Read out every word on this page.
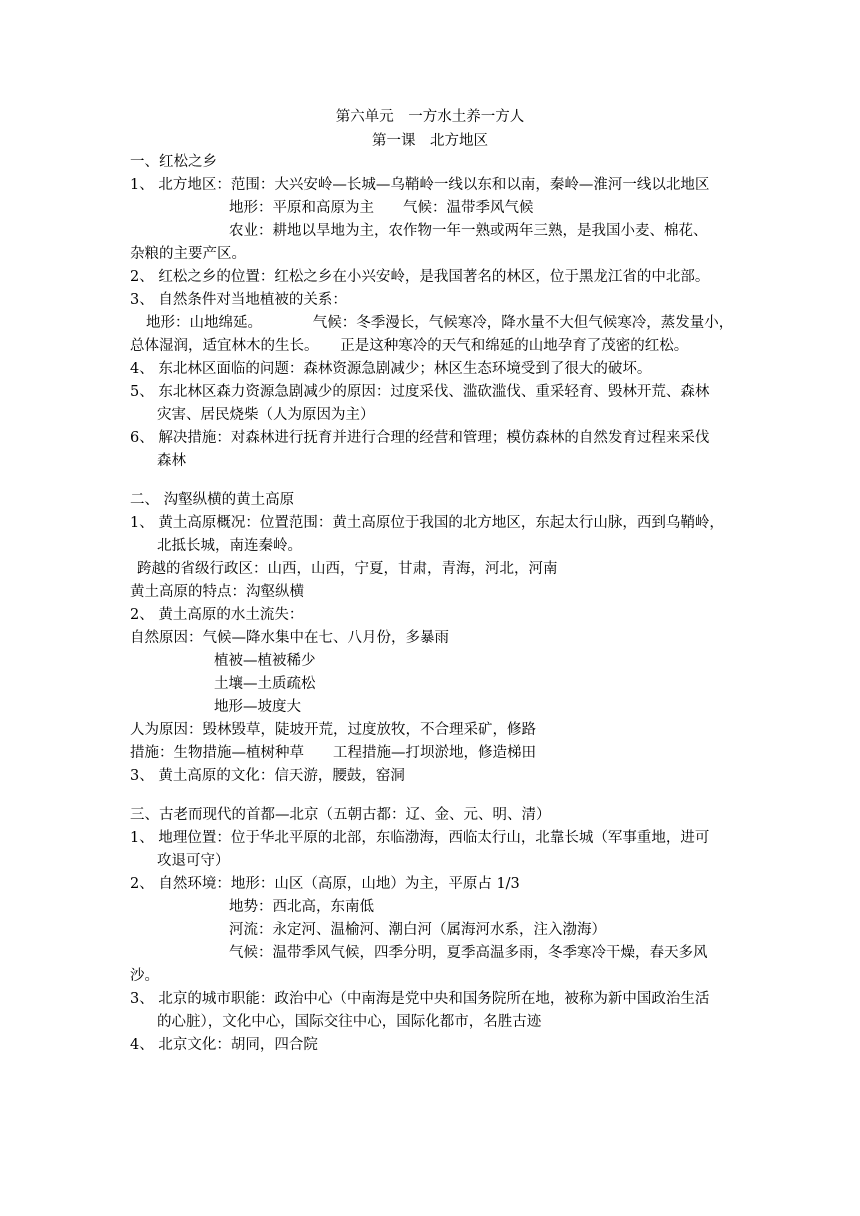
第六单元　一方水土养一方人
第一课　北方地区
一、红松之乡
1、 北方地区：范围：大兴安岭—长城—乌鞘岭一线以东和以南，秦岭—淮河一线以北地区
地形：平原和高原为主　　气候：温带季风气候
农业：耕地以旱地为主，农作物一年一熟或两年三熟，是我国小麦、棉花、
杂粮的主要产区。
2、 红松之乡的位置：红松之乡在小兴安岭，是我国著名的林区，位于黑龙江省的中北部。
3、 自然条件对当地植被的关系：
地形：山地绵延。　　　　气候：冬季漫长，气候寒冷，降水量不大但气候寒冷，蒸发量小，
总体湿润，适宜林木的生长。　　正是这种寒冷的天气和绵延的山地孕育了茂密的红松。
4、 东北林区面临的问题：森林资源急剧减少；林区生态环境受到了很大的破坏。
5、 东北林区森力资源急剧减少的原因：过度采伐、滥砍滥伐、重采轻育、毁林开荒、森林
灾害、居民烧柴（人为原因为主）
6、 解决措施：对森林进行抚育并进行合理的经营和管理；模仿森林的自然发育过程来采伐
森林
二、 沟壑纵横的黄土高原
1、 黄土高原概况：位置范围：黄土高原位于我国的北方地区，东起太行山脉，西到乌鞘岭，
北抵长城，南连秦岭。
跨越的省级行政区：山西，山西，宁夏，甘肃，青海，河北，河南
黄土高原的特点：沟壑纵横
2、 黄土高原的水土流失：
自然原因：气候—降水集中在七、八月份，多暴雨
植被—植被稀少
土壤—土质疏松
地形—坡度大
人为原因：毁林毁草，陡坡开荒，过度放牧，不合理采矿，修路
措施：生物措施—植树种草　　工程措施—打坝淤地，修造梯田
3、 黄土高原的文化：信天游，腰鼓，窑洞
三、古老而现代的首都—北京（五朝古都：辽、金、元、明、清）
1、 地理位置：位于华北平原的北部，东临渤海，西临太行山，北靠长城（军事重地，进可
攻退可守）
2、 自然环境：地形：山区（高原，山地）为主，平原占 1/3
地势：西北高，东南低
河流：永定河、温榆河、潮白河（属海河水系，注入渤海）
气候：温带季风气候，四季分明，夏季高温多雨，冬季寒冷干燥，春天多风
沙。
3、 北京的城市职能：政治中心（中南海是党中央和国务院所在地，被称为新中国政治生活
的心脏），文化中心，国际交往中心，国际化都市，名胜古迹
4、 北京文化：胡同，四合院
